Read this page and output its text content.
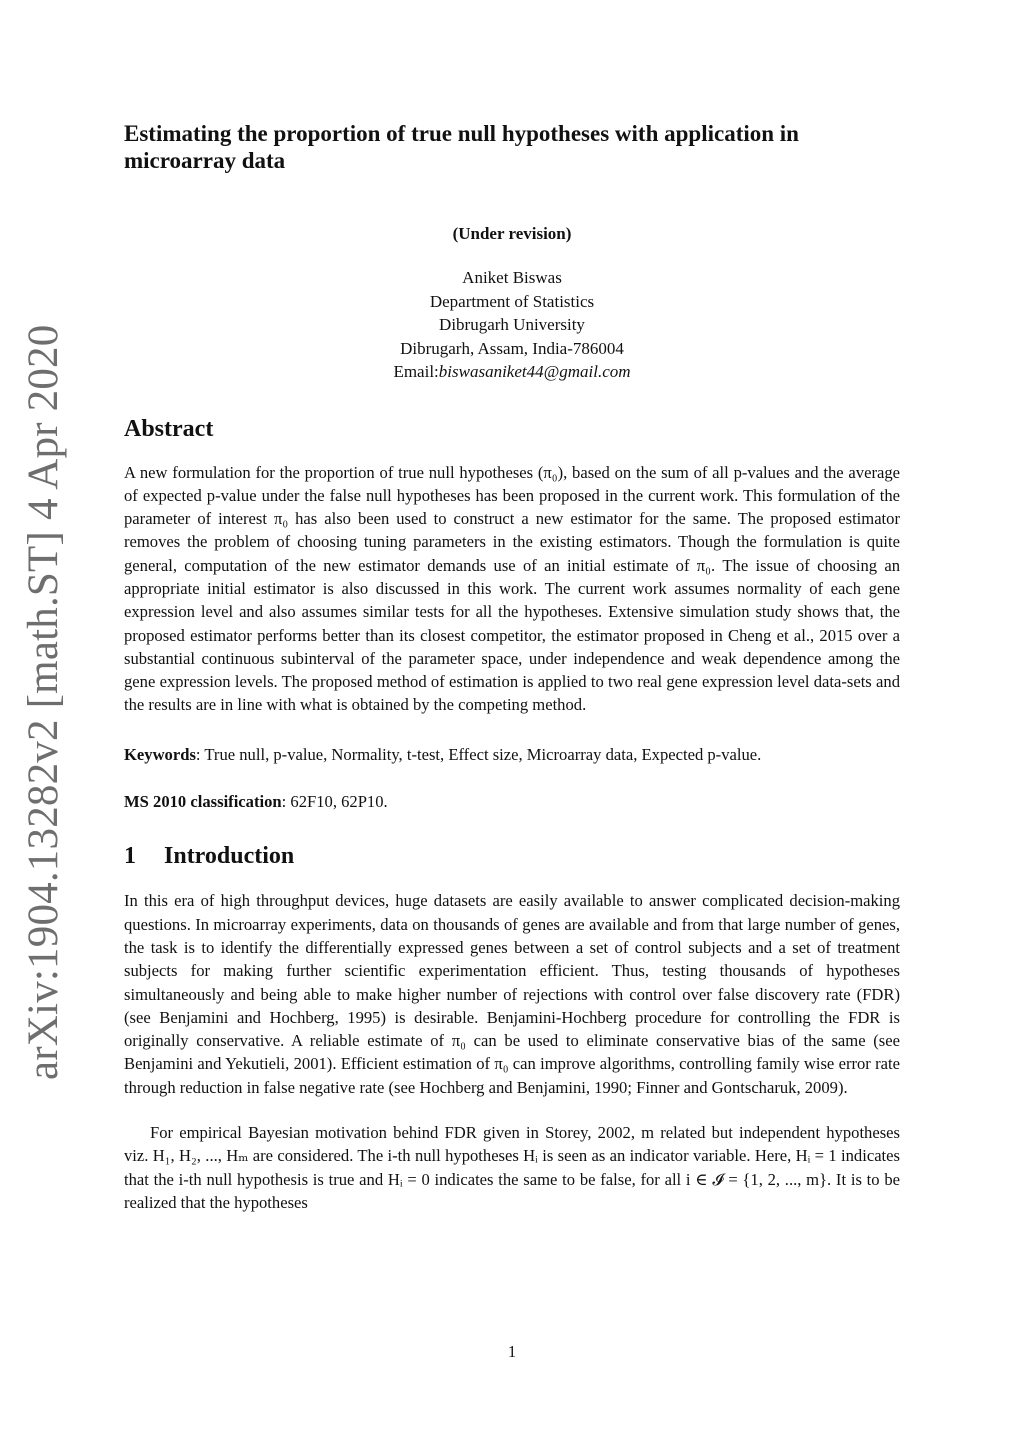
arXiv:1904.13282v2 [math.ST] 4 Apr 2020
Estimating the proportion of true null hypotheses with application in microarray data
(Under revision)
Aniket Biswas
Department of Statistics
Dibrugarh University
Dibrugarh, Assam, India-786004
Email:biswasaniket44@gmail.com
Abstract
A new formulation for the proportion of true null hypotheses (π₀), based on the sum of all p-values and the average of expected p-value under the false null hypotheses has been proposed in the current work. This formulation of the parameter of interest π₀ has also been used to construct a new estimator for the same. The proposed estimator removes the problem of choosing tuning parameters in the existing estimators. Though the formulation is quite general, computation of the new estimator demands use of an initial estimate of π₀. The issue of choosing an appropriate initial estimator is also discussed in this work. The current work assumes normality of each gene expression level and also assumes similar tests for all the hypotheses. Extensive simulation study shows that, the proposed estimator performs better than its closest competitor, the estimator proposed in Cheng et al., 2015 over a substantial continuous subinterval of the parameter space, under independence and weak dependence among the gene expression levels. The proposed method of estimation is applied to two real gene expression level data-sets and the results are in line with what is obtained by the competing method.
Keywords: True null, p-value, Normality, t-test, Effect size, Microarray data, Expected p-value.
MS 2010 classification: 62F10, 62P10.
1 Introduction
In this era of high throughput devices, huge datasets are easily available to answer complicated decision-making questions. In microarray experiments, data on thousands of genes are available and from that large number of genes, the task is to identify the differentially expressed genes between a set of control subjects and a set of treatment subjects for making further scientific experimentation efficient. Thus, testing thousands of hypotheses simultaneously and being able to make higher number of rejections with control over false discovery rate (FDR) (see Benjamini and Hochberg, 1995) is desirable. Benjamini-Hochberg procedure for controlling the FDR is originally conservative. A reliable estimate of π₀ can be used to eliminate conservative bias of the same (see Benjamini and Yekutieli, 2001). Efficient estimation of π₀ can improve algorithms, controlling family wise error rate through reduction in false negative rate (see Hochberg and Benjamini, 1990; Finner and Gontscharuk, 2009).
For empirical Bayesian motivation behind FDR given in Storey, 2002, m related but independent hypotheses viz. H₁, H₂, ..., Hₘ are considered. The i-th null hypotheses Hᵢ is seen as an indicator variable. Here, Hᵢ = 1 indicates that the i-th null hypothesis is true and Hᵢ = 0 indicates the same to be false, for all i ∈ 𝓘 = {1, 2, ..., m}. It is to be realized that the hypotheses
1
